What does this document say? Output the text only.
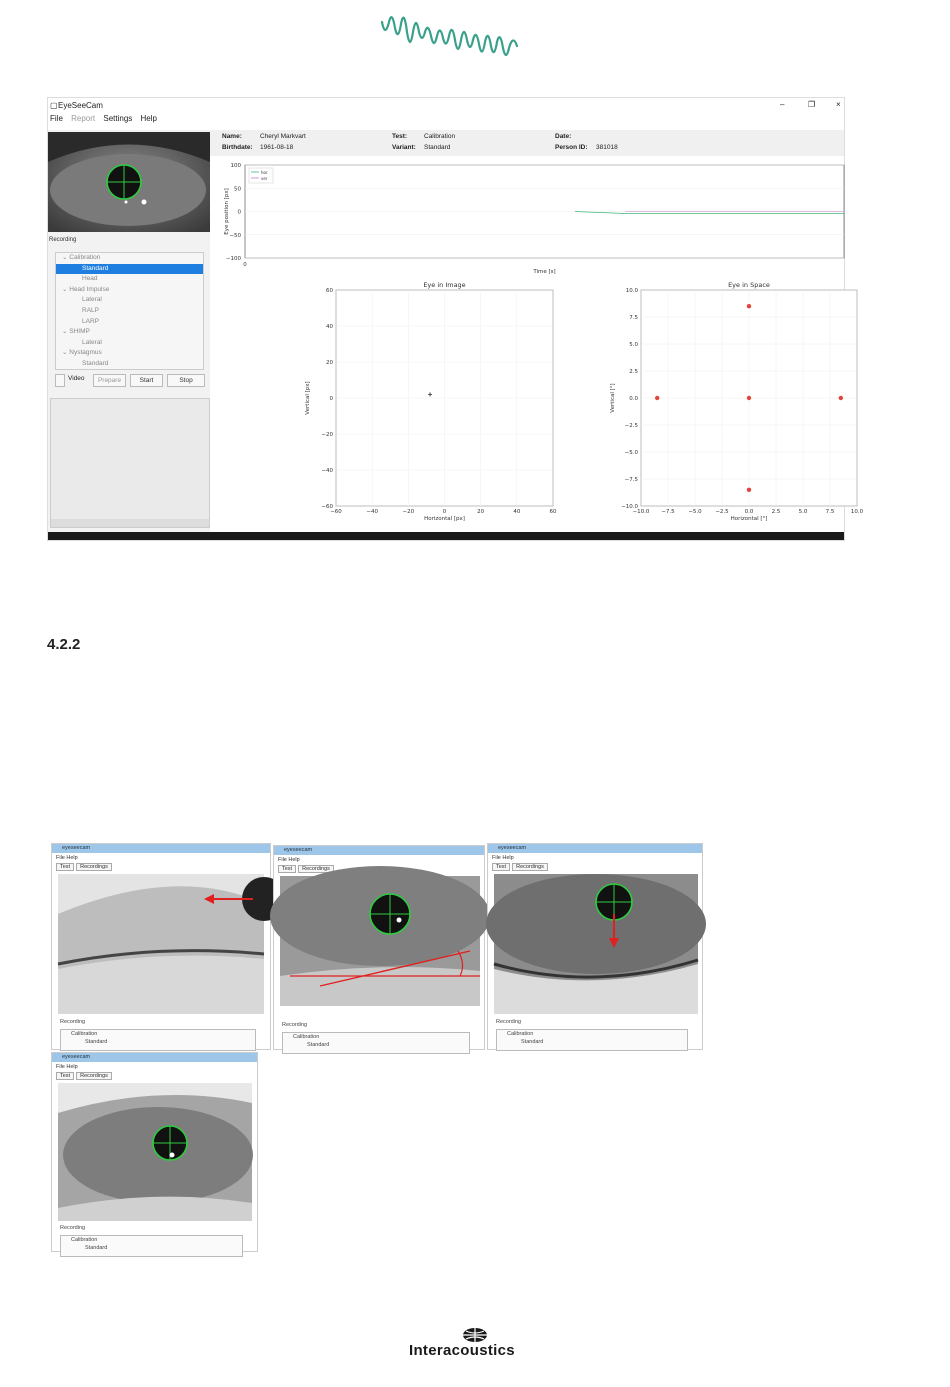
▢ EyeSeeCam	–	❐	×
File Report Settings Help
Recording
⌄ Calibration
Standard
Head
⌄ Head Impulse
Lateral
RALP
LARP
⌄ SHIMP
Lateral
⌄ Nystagmus
Standard
Video	Prepare	Start	Stop
Name:	Cheryl Markvart
Birthdate: 1961-08-18
Test:	Calibration
Variant: Standard
Date:
Person ID: 381018
100
50
0
−50
−100
0
Time [s]
Eye position [px]
hor
ver
Eye in Image
−60	−40	−20	0	20	40	60
60
40
20
0
−20
−40
−60
Horizontal [px]
Vertical [px]
Eye in Space
−10.0 −7.5 −5.0 −2.5	0.0	2.5	5.0	7.5	10.0
10.0
7.5
5.0
2.5
0.0
−2.5
−5.0
−7.5
−10.0
Horizontal [°]
Vertical [°]
4.2.2
eyeseecam
File Help
Test Recordings
Recording
Calibration
Standard
eyeseecam
File Help
Test Recordings
Recording
Calibration
Standard
eyeseecam
File Help
Test Recordings
Recording
Calibration
Standard
eyeseecam
File Help
Test Recordings
Recording
Calibration
Standard
Interacoustics
